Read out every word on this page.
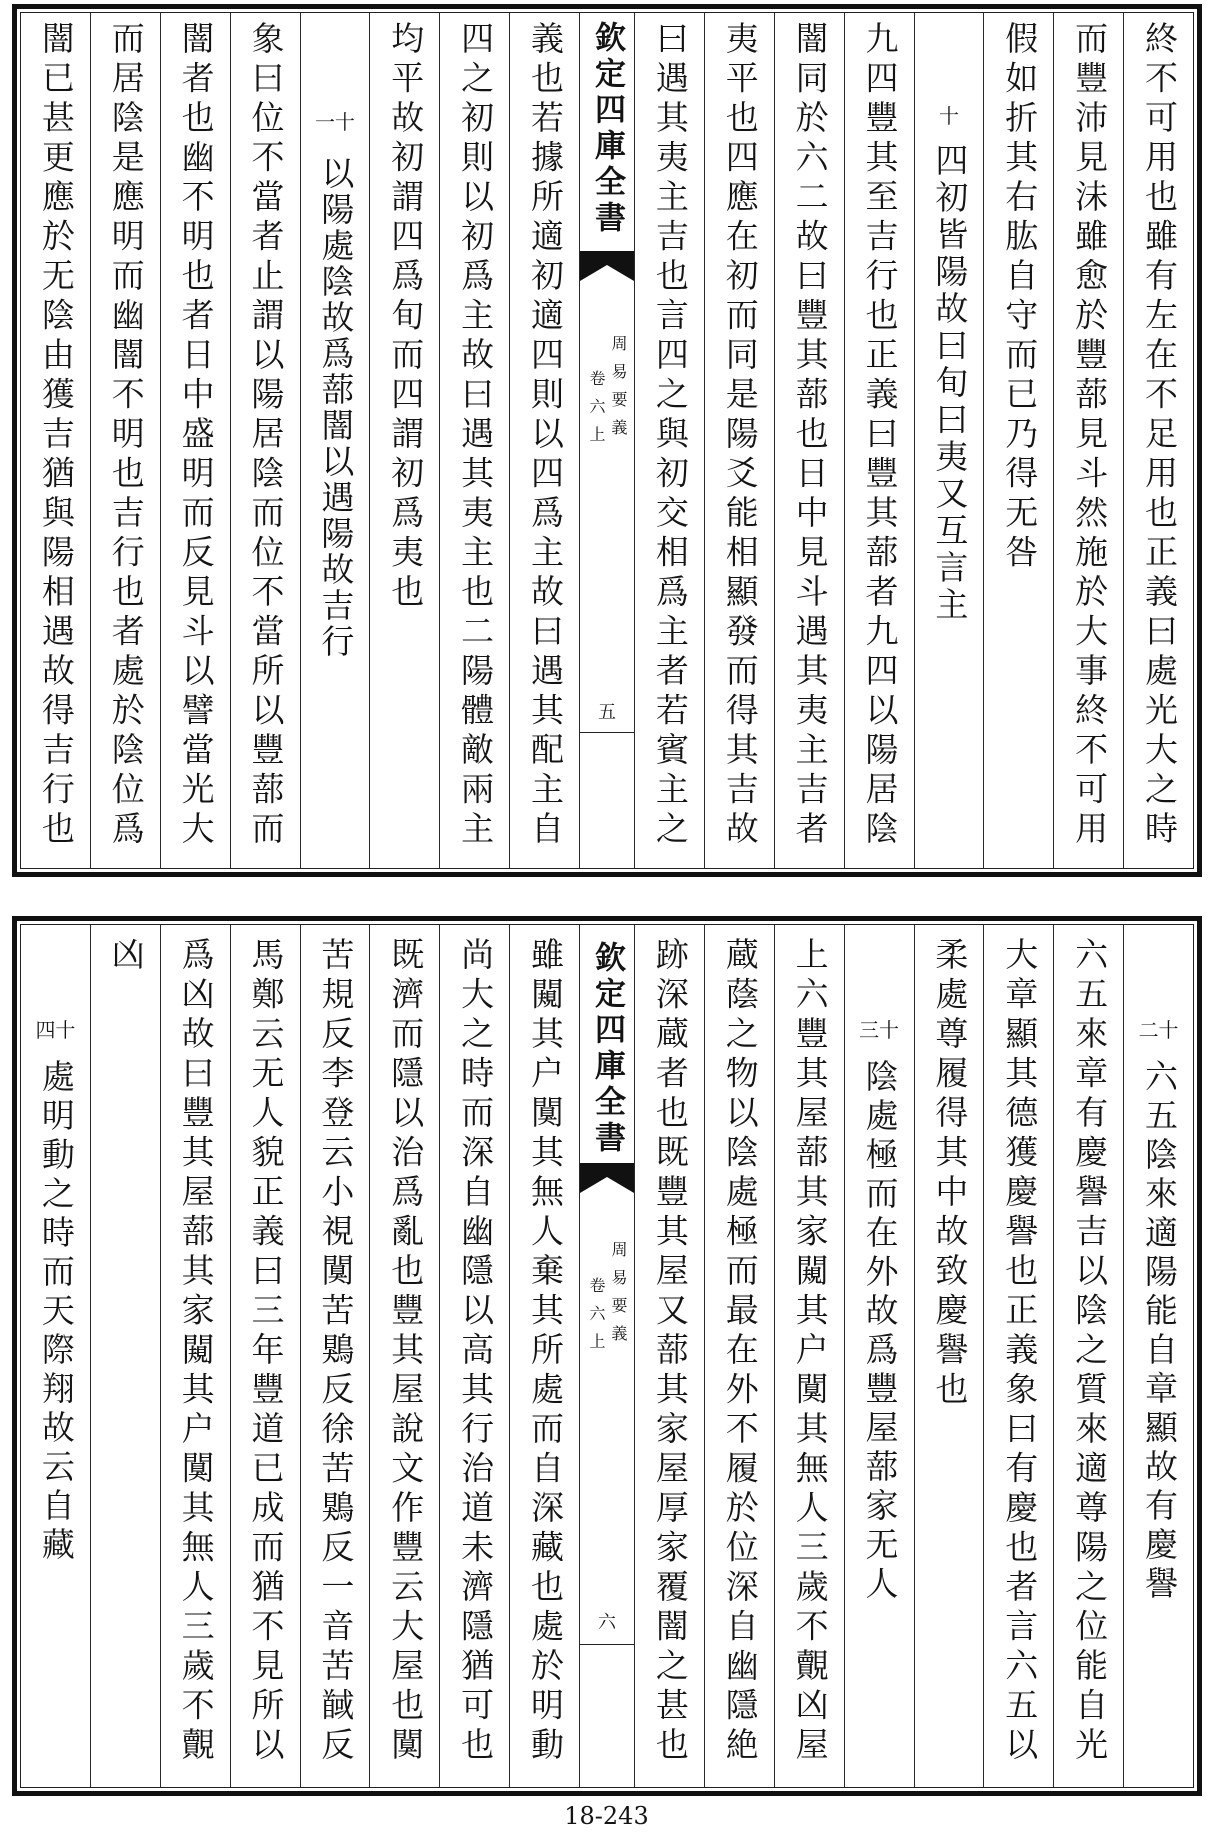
終不可用也雖有左在不足用也正義曰處光大之時
而豐沛見沬雖愈於豐蔀見斗然施於大事終不可用
假如折其右肱自守而已乃得无咎
十
四初皆陽故曰旬曰夷又互言主
九四豐其至吉行也正義曰豐其蔀者九四以陽居陰
闇同於六二故曰豐其蔀也日中見斗遇其夷主吉者
夷平也四應在初而同是陽爻能相顯發而得其吉故
曰遇其夷主吉也言四之與初交相爲主者若賓主之
欽定四庫全書
周易要義
卷六上
五
義也若據所適初適四則以四爲主故曰遇其配主自
四之初則以初爲主故曰遇其夷主也二陽體敵兩主
均平故初謂四爲旬而四謂初爲夷也
十一
以陽處陰故爲蔀闇以遇陽故吉行
象曰位不當者止謂以陽居陰而位不當所以豐蔀而
闇者也幽不明也者日中盛明而反見斗以譬當光大
而居陰是應明而幽闇不明也吉行也者處於陰位爲
闇已甚更應於无陰由獲吉猶與陽相遇故得吉行也
十二
六五陰來適陽能自章顯故有慶譽
六五來章有慶譽吉以陰之質來適尊陽之位能自光
大章顯其德獲慶譽也正義象曰有慶也者言六五以
柔處尊履得其中故致慶譽也
十三
陰處極而在外故爲豐屋蔀家无人
上六豐其屋蔀其家闚其户闃其無人三歲不覿凶屋
蔵蔭之物以陰處極而最在外不履於位深自幽隱絶
跡深蔵者也既豐其屋又蔀其家屋厚家覆闇之甚也
欽定四庫全書
周易要義
卷六上
六
雖闚其户闃其無人棄其所處而自深藏也處於明動
尚大之時而深自幽隱以高其行治道未濟隱猶可也
既濟而隱以治爲亂也豐其屋說文作豐云大屋也闃
苦規反李登云小視闃苦鶪反徐苦鶪反一音苦馘反
馬鄭云无人貌正義曰三年豐道已成而猶不見所以
爲凶故曰豐其屋蔀其家闚其户闃其無人三歲不覿
凶
十四
處明動之時而天際翔故云自藏
18-243
